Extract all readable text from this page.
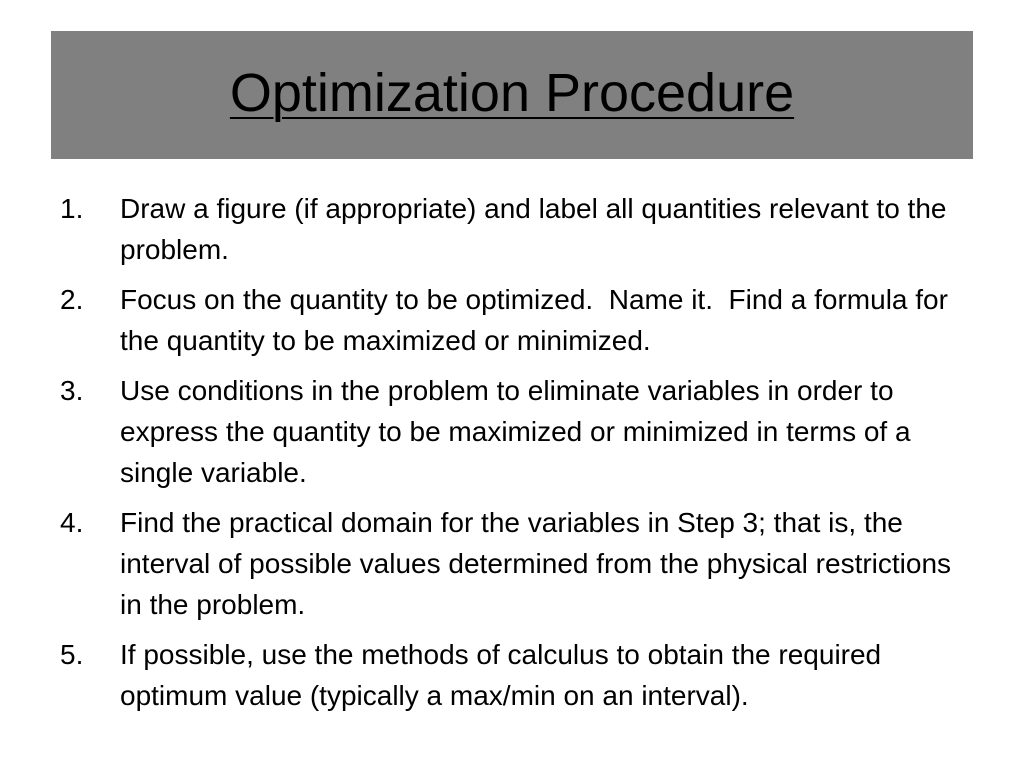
Optimization Procedure
1. Draw a figure (if appropriate) and label all quantities relevant to the problem.
2. Focus on the quantity to be optimized.  Name it.  Find a formula for the quantity to be maximized or minimized.
3. Use conditions in the problem to eliminate variables in order to express the quantity to be maximized or minimized in terms of a single variable.
4. Find the practical domain for the variables in Step 3; that is, the interval of possible values determined from the physical restrictions in the problem.
5. If possible, use the methods of calculus to obtain the required optimum value (typically a max/min on an interval).
